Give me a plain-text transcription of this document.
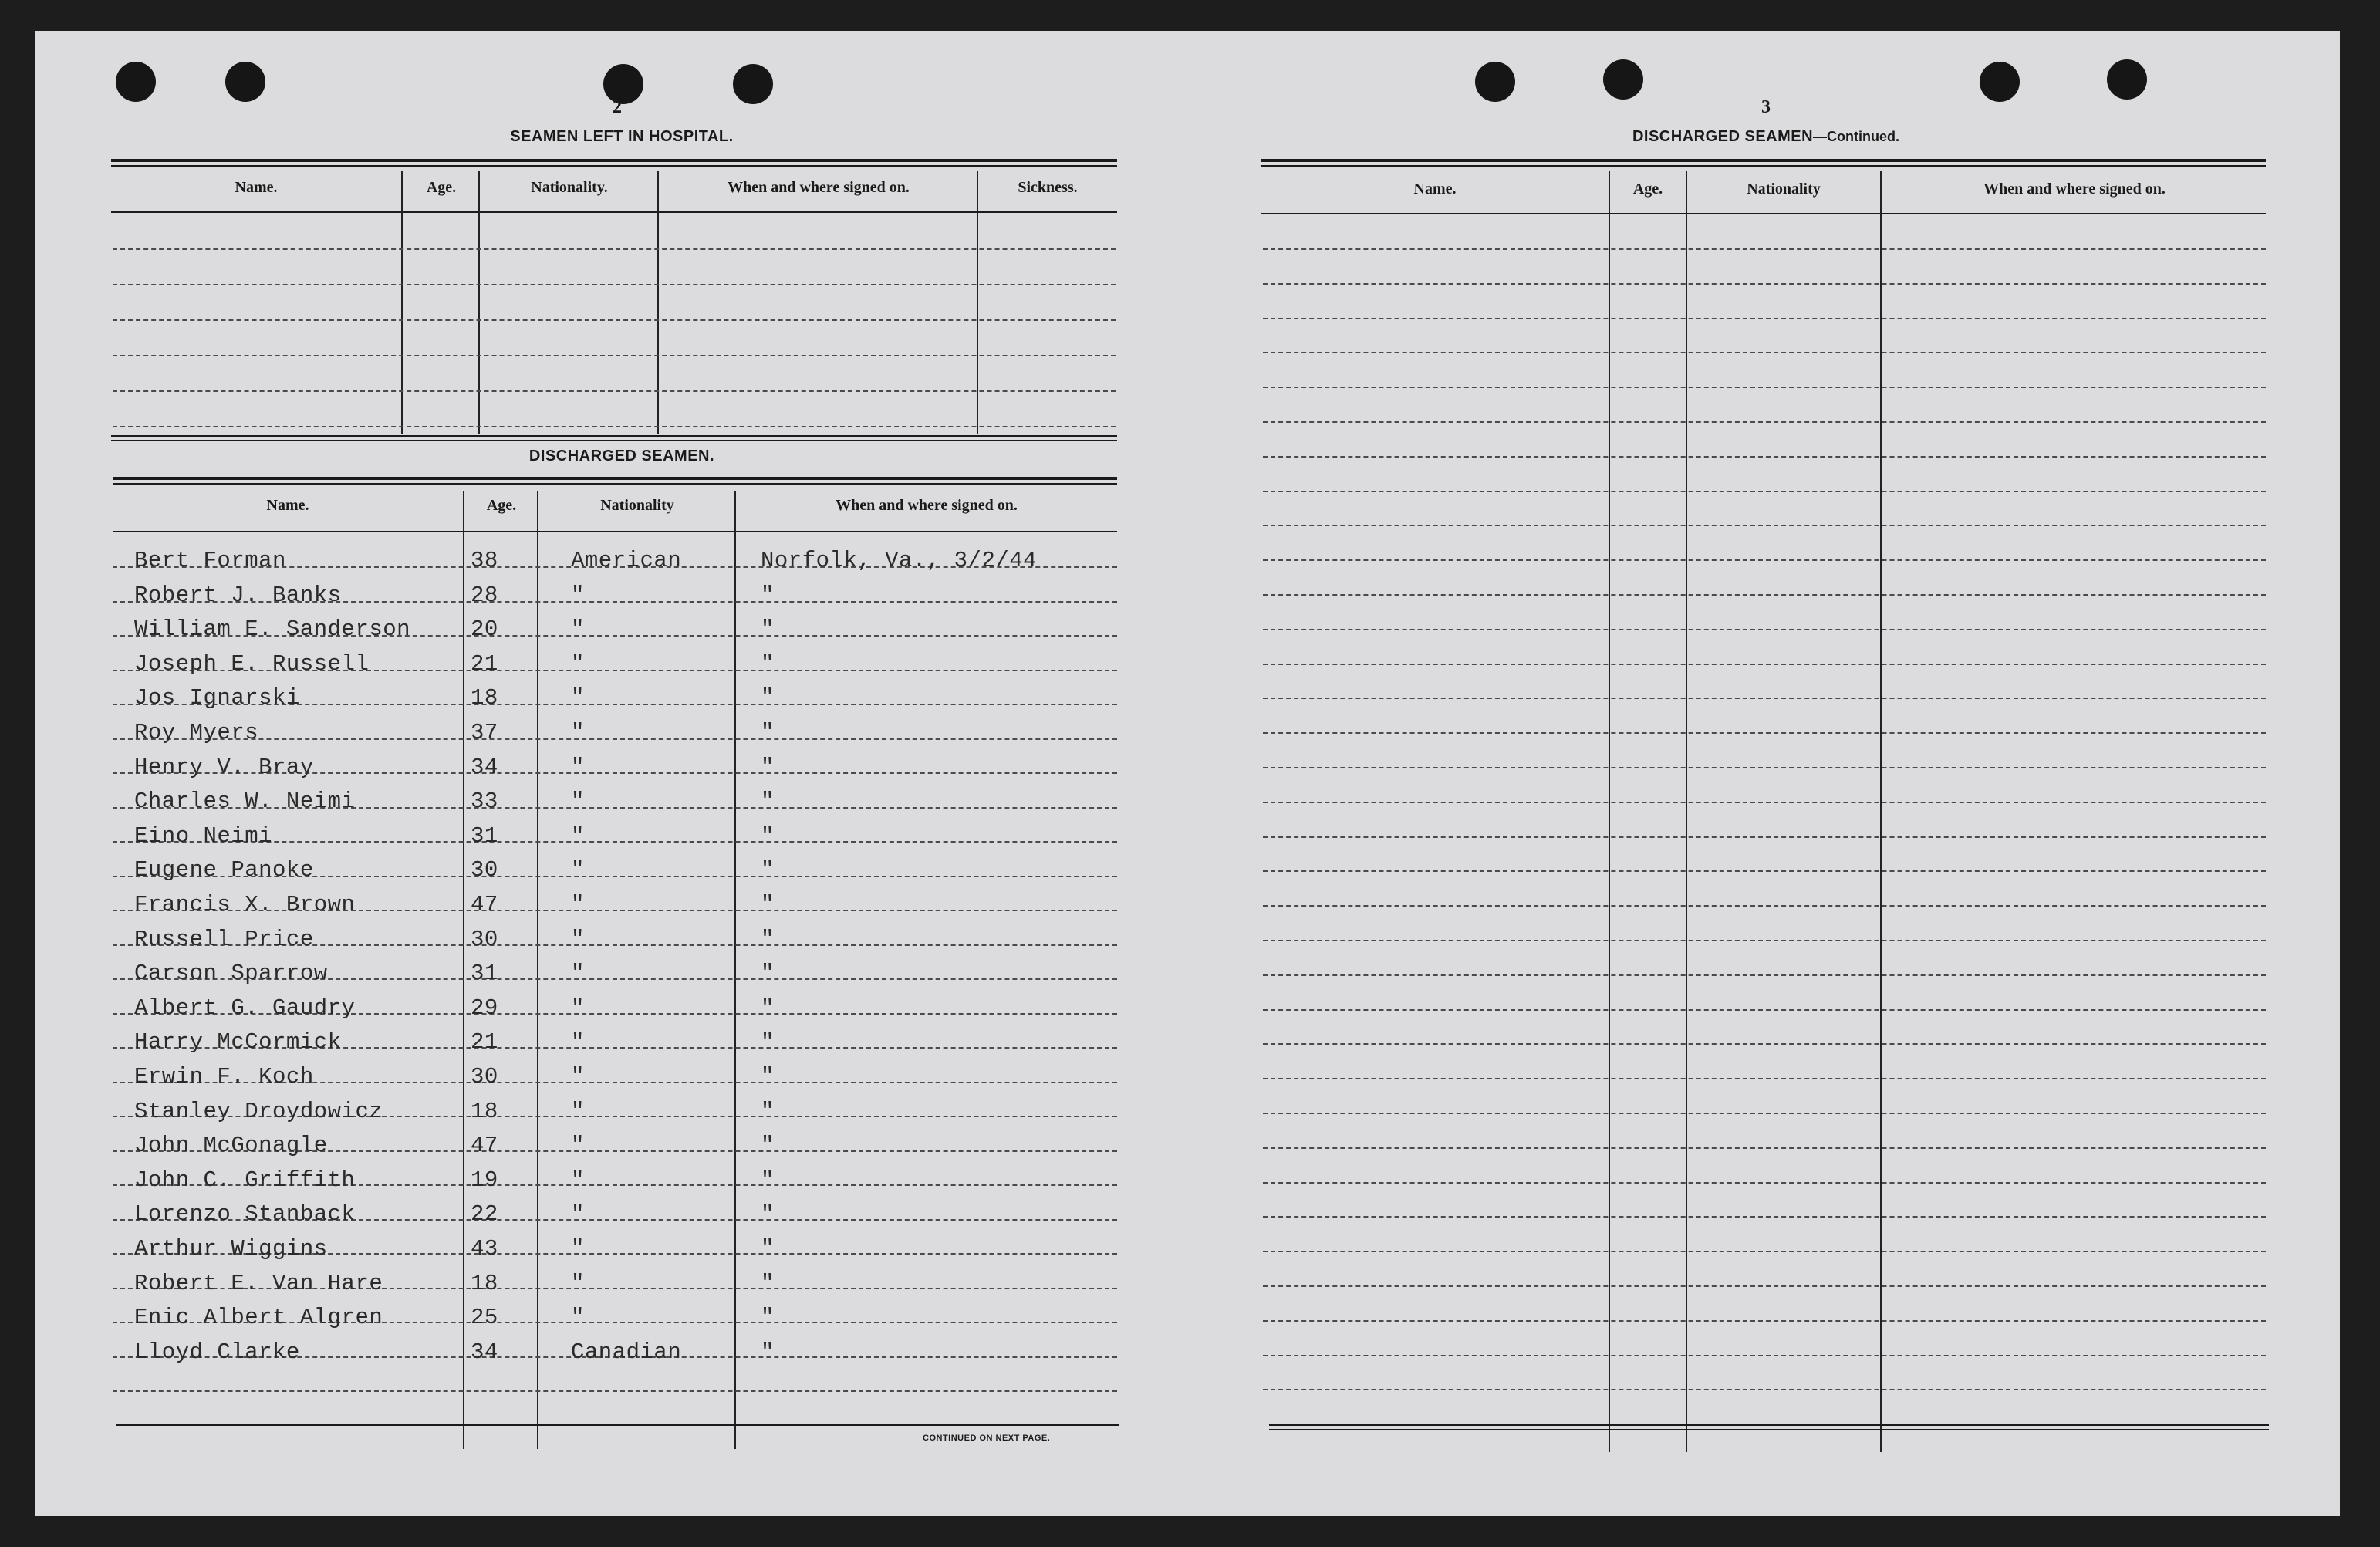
2
SEAMEN LEFT IN HOSPITAL.
Name.	Age.	Nationality.	When and where signed on.	Sickness.
DISCHARGED SEAMEN.
Name.	Age.	Nationality	When and where signed on.
Bert Forman	38	American	Norfolk, Va., 3/2/44
Robert J. Banks	28	"	"
William E. Sanderson	20	"	"
Joseph E. Russell	21	"	"
Jos Ignarski	18	"	"
Roy Myers	37	"	"
Henry V. Bray	34	"	"
Charles W. Neimi	33	"	"
Eino Neimi	31	"	"
Eugene Panoke	30	"	"
Francis X. Brown	47	"	"
Russell Price	30	"	"
Carson Sparrow	31	"	"
Albert G. Gaudry	29	"	"
Harry McCormick	21	"	"
Erwin F. Koch	30	"	"
Stanley Droydowicz	18	"	"
John McGonagle	47	"	"
John C. Griffith	19	"	"
Lorenzo Stanback	22	"	"
Arthur Wiggins	43	"	"
Robert E. Van Hare	18	"	"
Enic Albert Algren	25	"	"
Lloyd Clarke	34	Canadian	"
CONTINUED ON NEXT PAGE.
3
DISCHARGED SEAMEN—Continued.
Name.	Age.	Nationality	When and where signed on.
